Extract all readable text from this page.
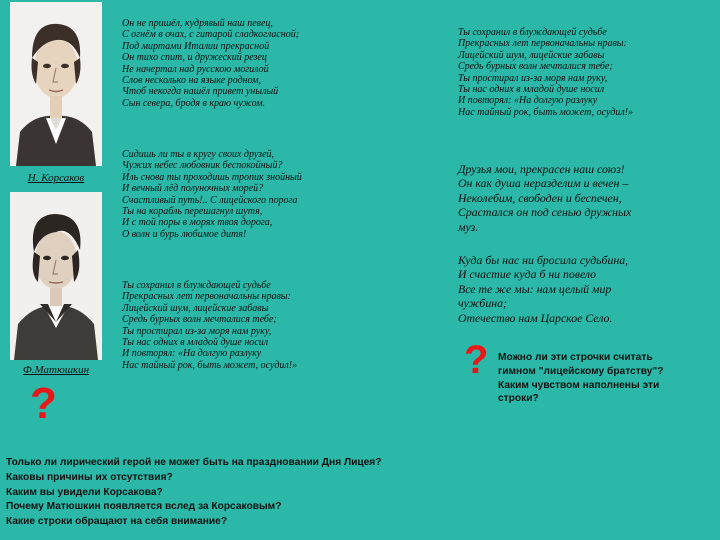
Н. Корсаков
Ф.Матюшкин
?

Он не пришёл, кудрявый наш певец,
С огнём в очах, с гитарой сладкогласной;
Под миртами Италии прекрасной
Он тихо спит, и дружеский резец
Не начертал над русскою могилой
Слов несколько на языке родном,
Чтоб некогда нашёл привет унылый
Сын севера, бродя в краю чужом.

Сидишь ли ты в кругу своих друзей,
Чужих небес любовник беспокойный?
Иль снова ты проходишь тропик знойный
И вечный лёд полуночных морей?
Счастливый путь!.. С лицейского порога
Ты на корабль перешагнул шутя,
И с той поры в морях твоя дорога,
О волн и бурь любимое дитя!

Ты сохранил в блуждающей судьбе
Прекрасных лет первоначальны нравы:
Лицейский шум, лицейские забавы
Средь бурных волн мечталися тебе;
Ты простирал из-за моря нам руку,
Ты нас одних в младой душе носил
И повторял: «На долгую разлуку
Нас тайный рок, быть может, осудил!»

Ты сохранил в блуждающей судьбе
Прекрасных лет первоначальны нравы:
Лицейский шум, лицейские забавы
Средь бурных волн мечталися тебе;
Ты простирал из-за моря нам руку,
Ты нас одних в младой душе носил
И повторял: «На долгую разлуку
Нас тайный рок, быть может, осудил!»

Друзья мои, прекрасен наш союз!
Он как душа неразделим и вечен –
Неколебим, свободен и беспечен,
Срастался он под сенью дружных
муз.

Куда бы нас ни бросила судьбина,
И счастие куда б ни повело
Все те же мы: нам целый мир
чужбина;
Отечество нам Царское Село.

? Можно ли эти строчки считать
гимном "лицейскому братству"?
Каким чувством наполнены эти
строки?

Только ли лирический герой не может быть на праздновании Дня Лицея?
Каковы причины их отсутствия?
Каким вы увидели Корсакова?
Почему Матюшкин появляется вслед за Корсаковым?
Какие строки обращают на себя внимание?
